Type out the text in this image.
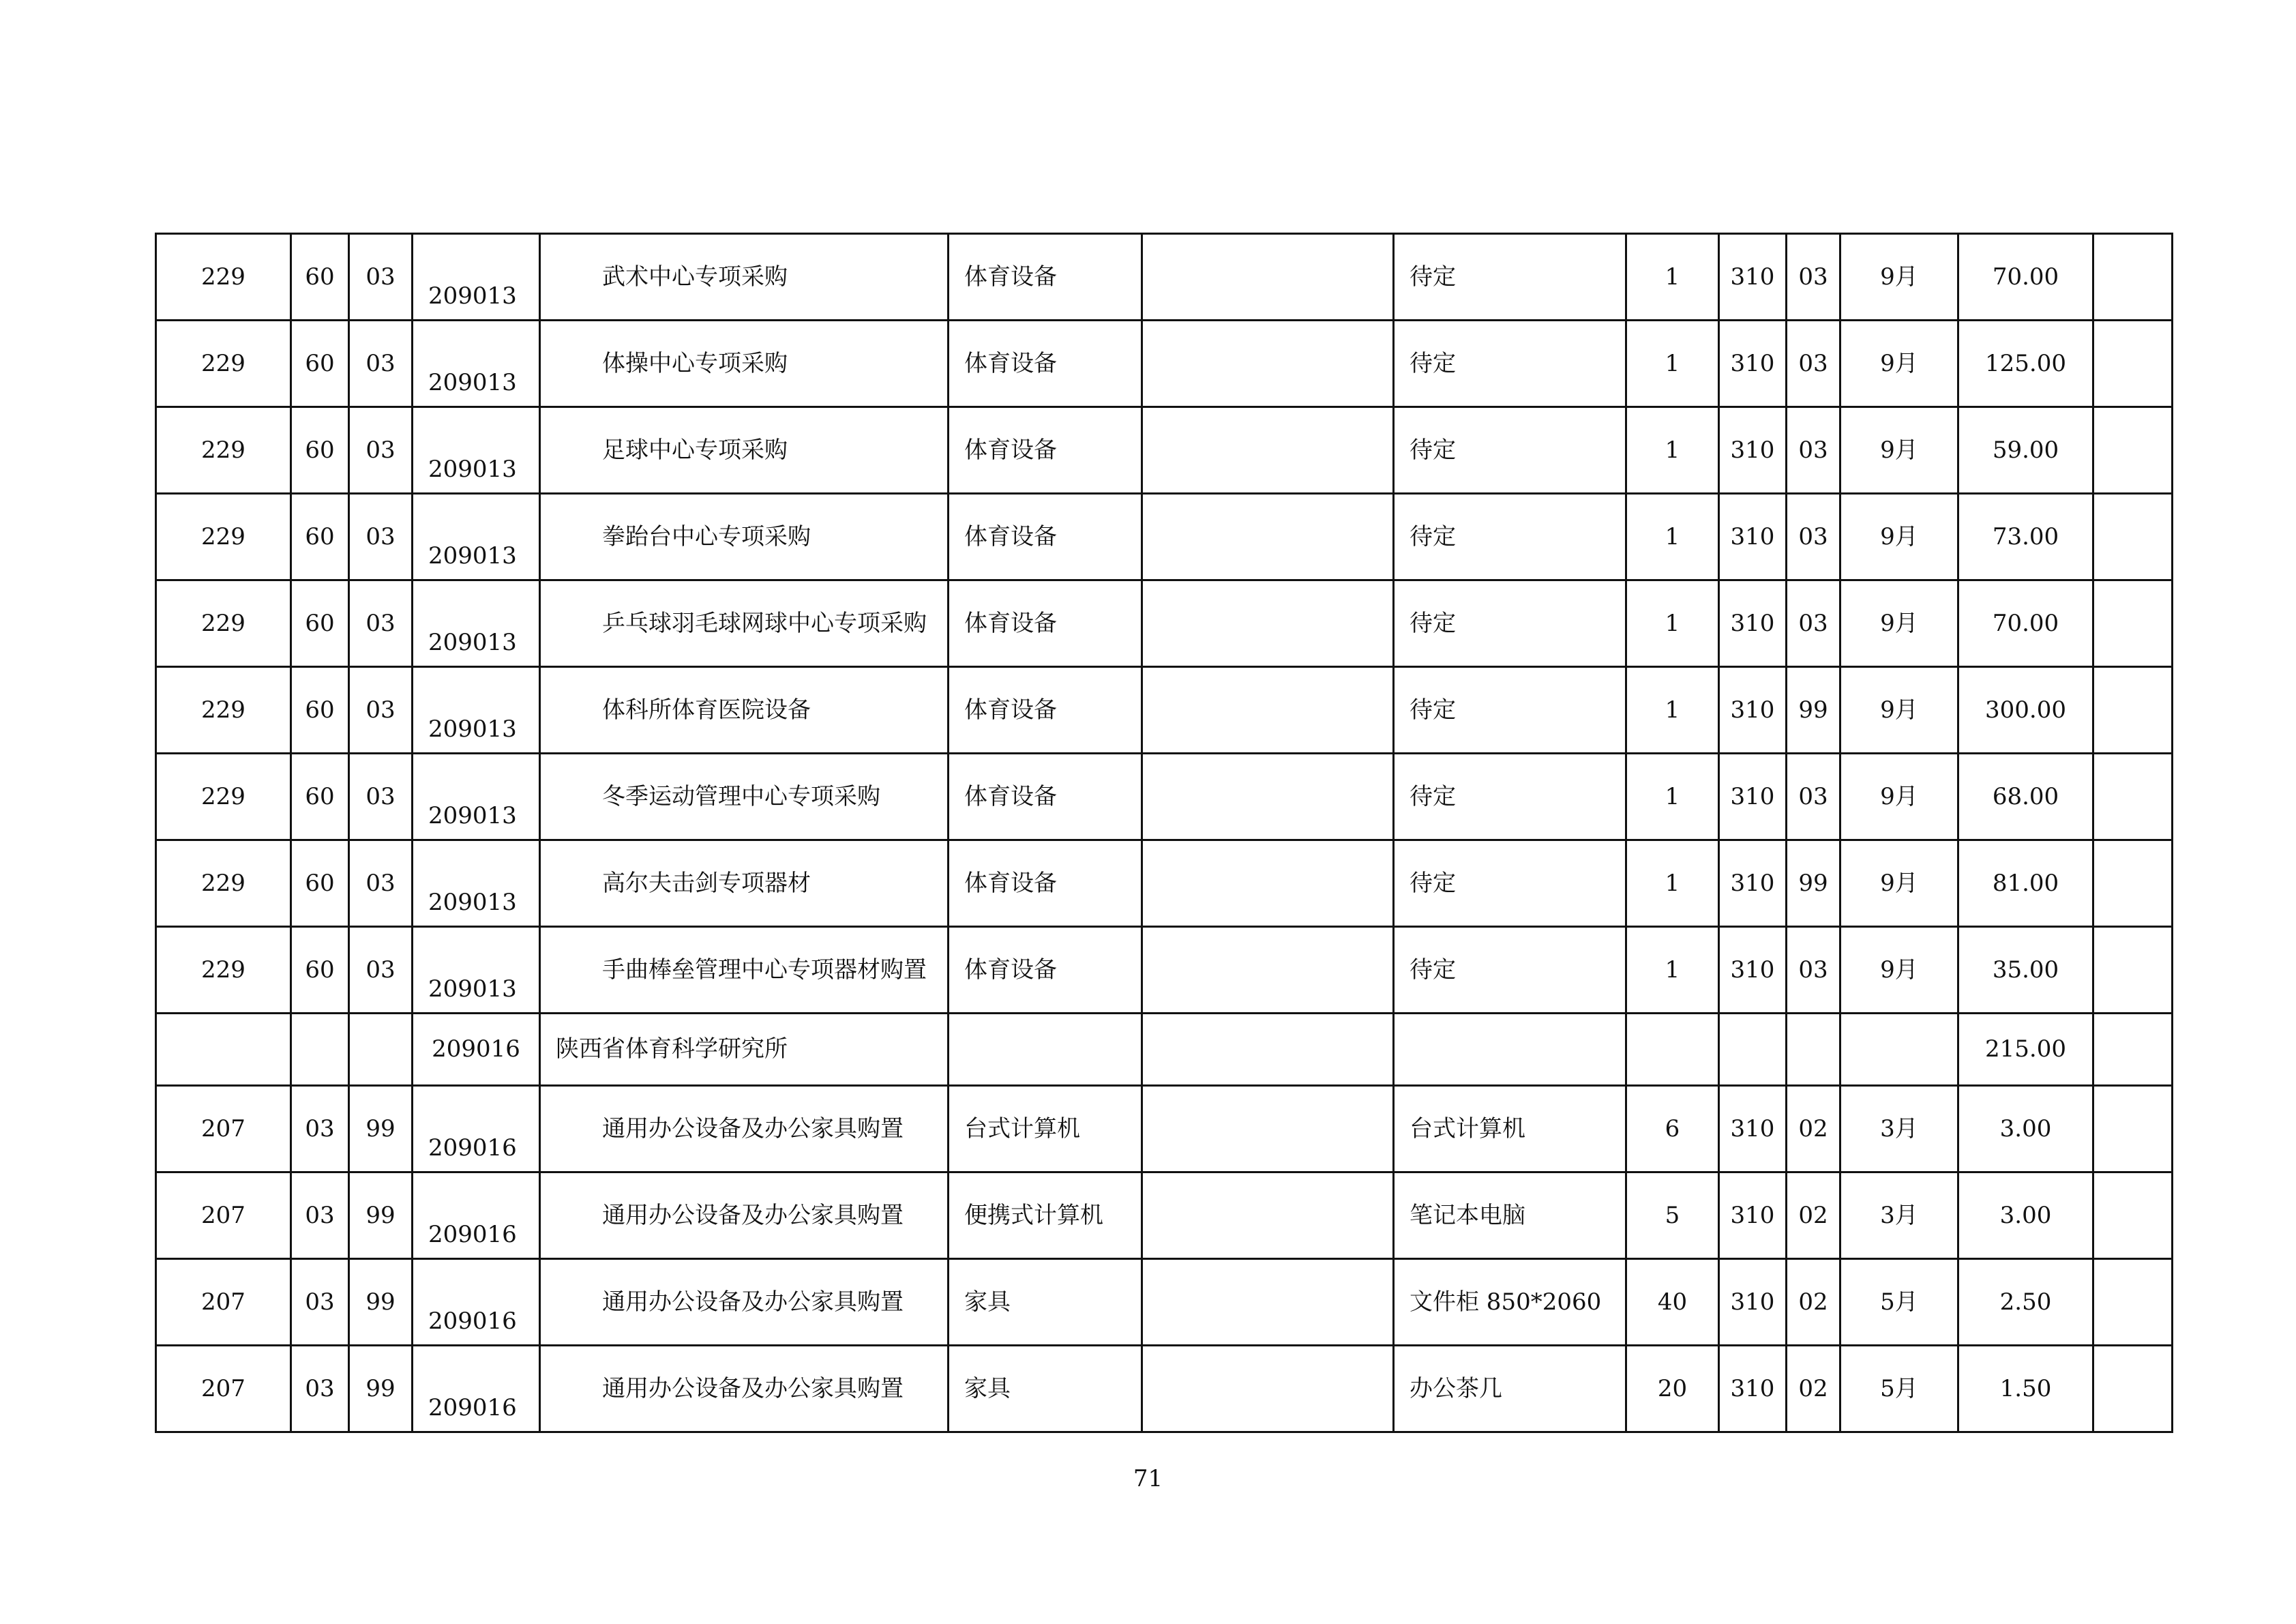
229	60	03	209013	武术中心专项采购	体育设备		待定	1	310	03	9月	70.00	
229	60	03	209013	体操中心专项采购	体育设备		待定	1	310	03	9月	125.00	
229	60	03	209013	足球中心专项采购	体育设备		待定	1	310	03	9月	59.00	
229	60	03	209013	拳跆台中心专项采购	体育设备		待定	1	310	03	9月	73.00	
229	60	03	209013	乒乓球羽毛球网球中心专项采购	体育设备		待定	1	310	03	9月	70.00	
229	60	03	209013	体科所体育医院设备	体育设备		待定	1	310	99	9月	300.00	
229	60	03	209013	冬季运动管理中心专项采购	体育设备		待定	1	310	03	9月	68.00	
229	60	03	209013	高尔夫击剑专项器材	体育设备		待定	1	310	99	9月	81.00	
229	60	03	209013	手曲棒垒管理中心专项器材购置	体育设备		待定	1	310	03	9月	35.00	

			209016	陕西省体育科学研究所								215.00	
207	03	99	209016	通用办公设备及办公家具购置	台式计算机		台式计算机	6	310	02	3月	3.00	
207	03	99	209016	通用办公设备及办公家具购置	便携式计算机		笔记本电脑	5	310	02	3月	3.00	
207	03	99	209016	通用办公设备及办公家具购置	家具		文件柜 850*2060	40	310	02	5月	2.50	
207	03	99	209016	通用办公设备及办公家具购置	家具		办公茶几	20	310	02	5月	1.50	
71
